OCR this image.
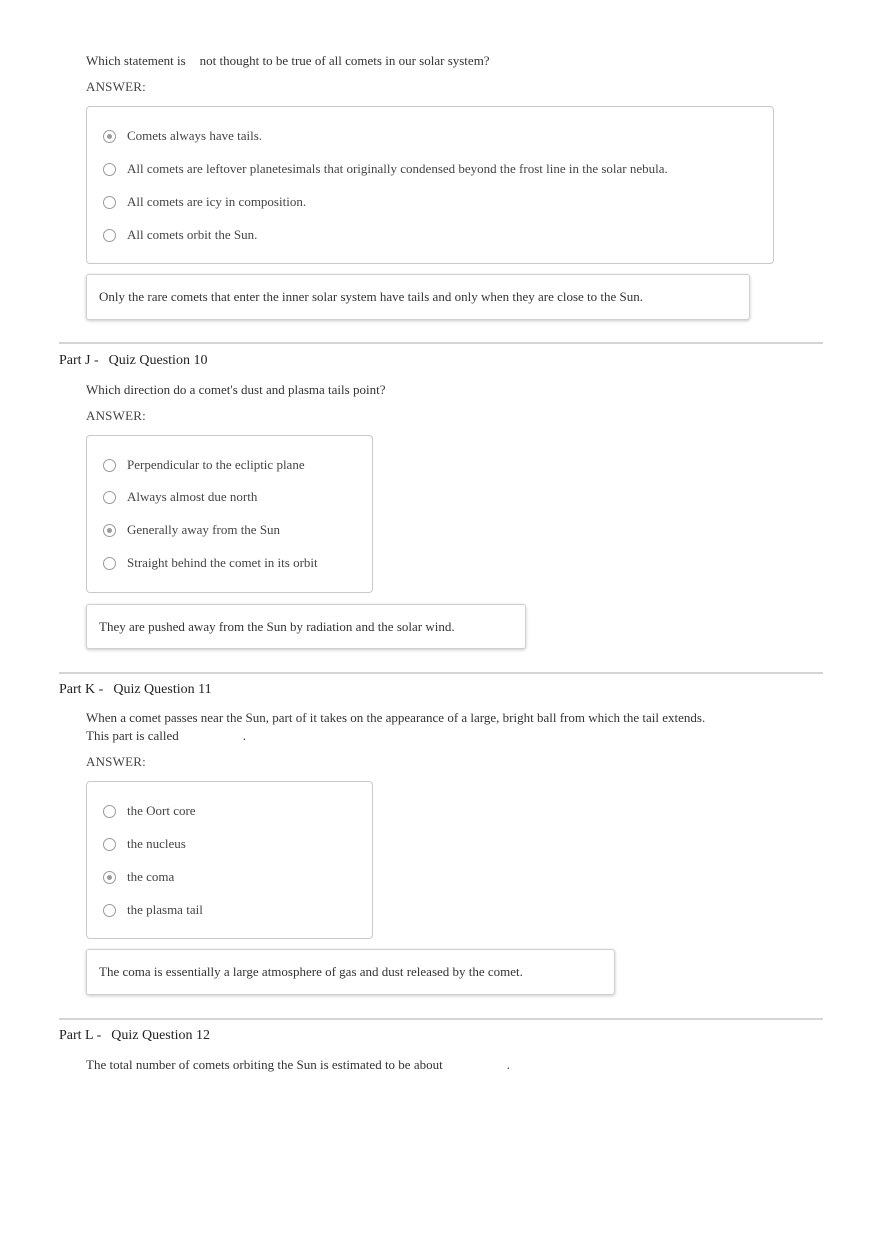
Which statement is not thought to be true of all comets in our solar system?
ANSWER:
Comets always have tails.
All comets are leftover planetesimals that originally condensed beyond the frost line in the solar nebula.
All comets are icy in composition.
All comets orbit the Sun.
Only the rare comets that enter the inner solar system have tails and only when they are close to the Sun.
Part J - Quiz Question 10
Which direction do a comet's dust and plasma tails point?
ANSWER:
Perpendicular to the ecliptic plane
Always almost due north
Generally away from the Sun
Straight behind the comet in its orbit
They are pushed away from the Sun by radiation and the solar wind.
Part K - Quiz Question 11
When a comet passes near the Sun, part of it takes on the appearance of a large, bright ball from which the tail extends.
This part is called	.
ANSWER:
the Oort core
the nucleus
the coma
the plasma tail
The coma is essentially a large atmosphere of gas and dust released by the comet.
Part L - Quiz Question 12
The total number of comets orbiting the Sun is estimated to be about	.
